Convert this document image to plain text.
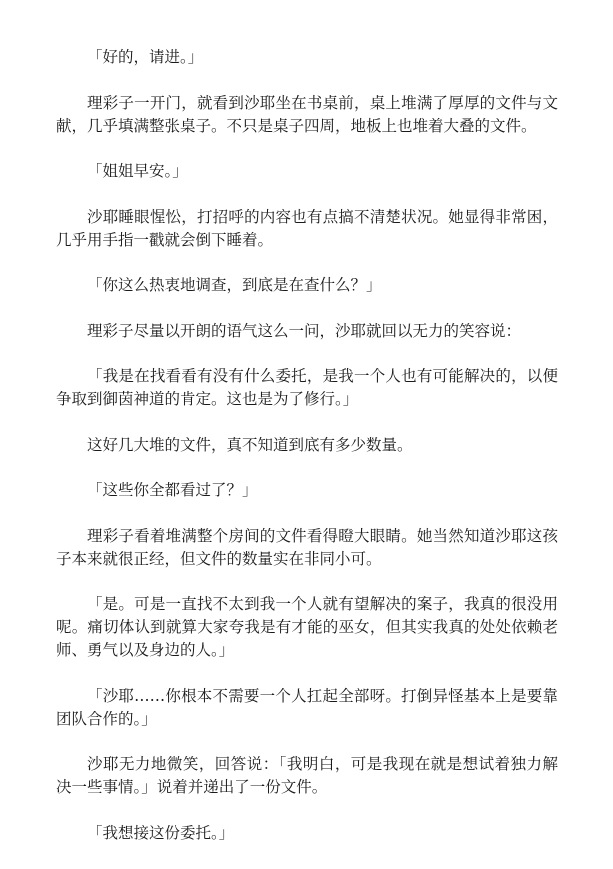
「好的，请进。」

理彩子一开门，就看到沙耶坐在书桌前，桌上堆满了厚厚的文件与文献，几乎填满整张桌子。不只是桌子四周，地板上也堆着大叠的文件。

「姐姐早安。」

沙耶睡眼惺忪，打招呼的内容也有点搞不清楚状况。她显得非常困，几乎用手指一戳就会倒下睡着。

「你这么热衷地调查，到底是在查什么？」

理彩子尽量以开朗的语气这么一问，沙耶就回以无力的笑容说：

「我是在找看看有没有什么委托，是我一个人也有可能解决的，以便争取到御茵神道的肯定。这也是为了修行。」

这好几大堆的文件，真不知道到底有多少数量。

「这些你全都看过了？」

理彩子看着堆满整个房间的文件看得瞪大眼睛。她当然知道沙耶这孩子本来就很正经，但文件的数量实在非同小可。

「是。可是一直找不太到我一个人就有望解决的案子，我真的很没用呢。痛切体认到就算大家夸我是有才能的巫女，但其实我真的处处依赖老师、勇气以及身边的人。」

「沙耶……你根本不需要一个人扛起全部呀。打倒异怪基本上是要靠团队合作的。」

沙耶无力地微笑，回答说：「我明白，可是我现在就是想试着独力解决一些事情。」说着并递出了一份文件。

「我想接这份委托。」
